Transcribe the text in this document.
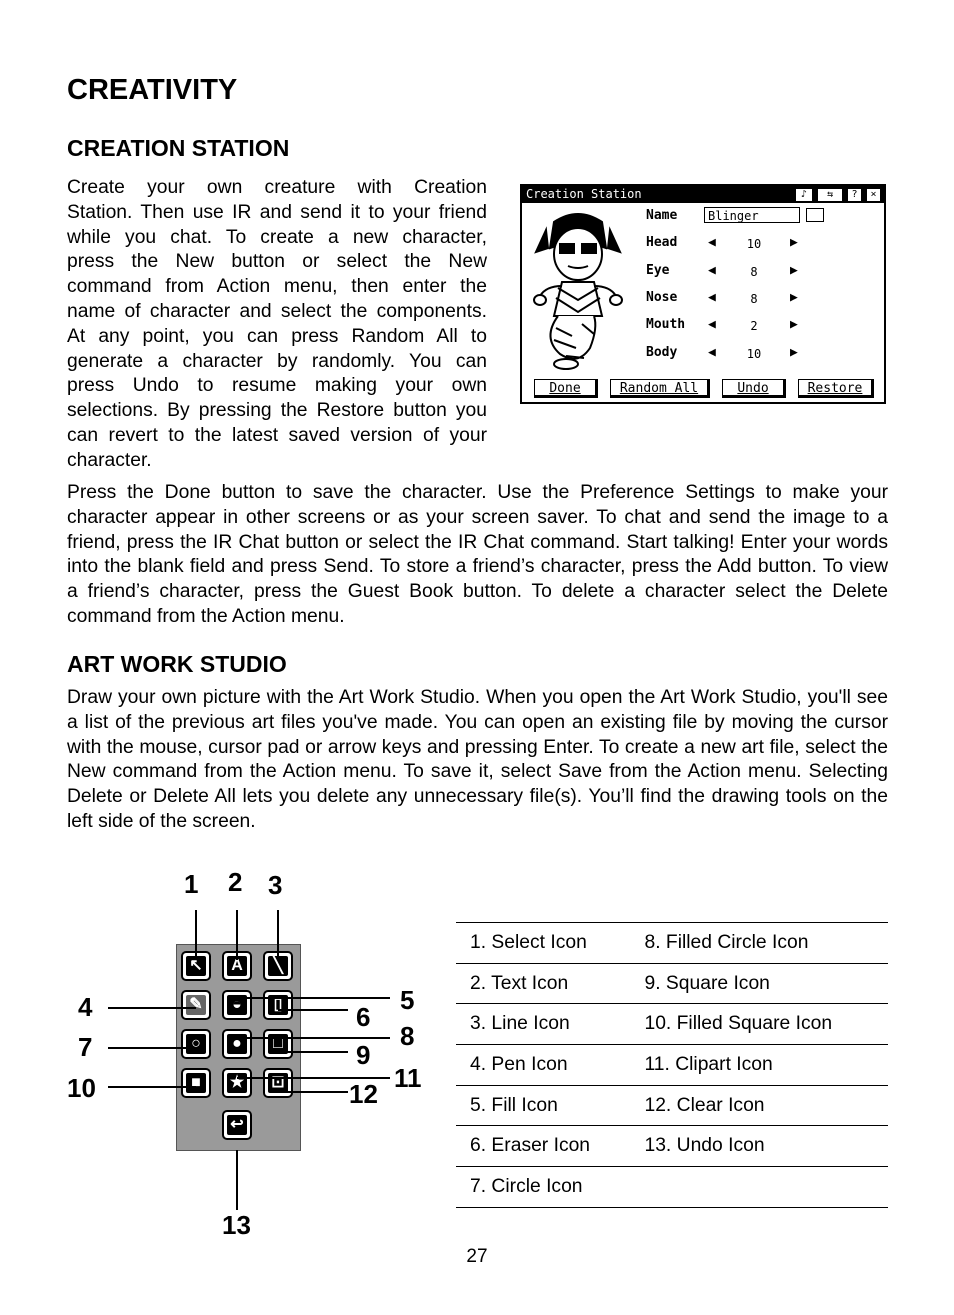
CREATIVITY
CREATION STATION
Create your own creature with Creation
Station. Then use IR and send it to your friend
while you chat. To create a new character,
press the New button or select the New
command from Action menu, then enter the
name of character and select the components.
At any point, you can press Random All to
generate a character by randomly. You can
press Undo to resume making your own
selections. By pressing the Restore button you
can revert to the latest saved version of your
character.
Creation Station	♪	⇆	?	×
Name	Blinger
Head ◀	10 ▶
Eye	◀	8	▶
Nose ◀	8	▶
Mouth ◀	2	▶
Body ◀	10 ▶
Done	Random All	Undo	Restore

Press the Done button to save the character. Use the Preference Settings to make your character appear in other screens or as your screen saver. To chat and send the image to a friend, press the IR Chat button or select the IR Chat command. Start talking! Enter your words into the blank field and press Send. To store a friend’s character, press the Add button. To view a friend’s character, press the Guest Book button. To delete a character select the Delete command from the Action menu.

ART WORK STUDIO

Draw your own picture with the Art Work Studio. When you open the Art Work Studio, you'll see a list of the previous art files you've made. You can open an existing file by moving the cursor with the mouse, cursor pad or arrow keys and pressing Enter. To create a new art file, select the New command from the Action menu. To save it, select Save from the Action menu. Selecting Delete or Delete All lets you delete any unnecessary file(s). You’ll find the drawing tools on the left side of the screen.

↖ A	╲
✎	◒	▯
○	●	□
■	★ ⊡
↩
1 2 3
4	5
6
7	8
9
10	11
12
13
1. Select Icon	8. Filled Circle Icon
2. Text Icon	9. Square Icon
3. Line Icon	10. Filled Square Icon
4. Pen Icon	11. Clipart Icon
5. Fill Icon	12. Clear Icon
6. Eraser Icon	13. Undo Icon
7. Circle Icon	
27
